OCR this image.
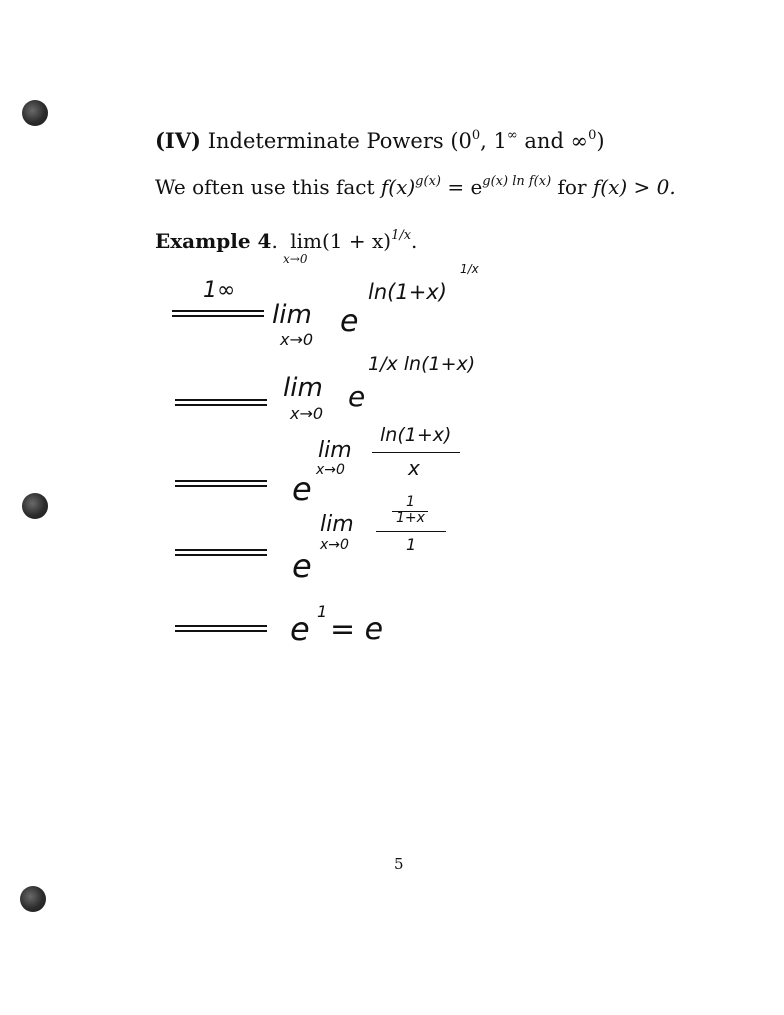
(IV) Indeterminate Powers ($0^0$, 1∞ and ∞$^0$)
We often use this fact $f(x)^{g(x)} = e^{g(x) ln f(x)}$ for f(x) > 0.
Example 4. $\lim(1 + x)^{1/x}$.
x→0
1∞
lim
x→0
e
ln(1+x)
1/x
lim
x→0
e
1/x ln(1+x)
e
lim
x→0
ln(1+x)
x
e
lim
x→0
1
1+x
1
e 1
= e
5
